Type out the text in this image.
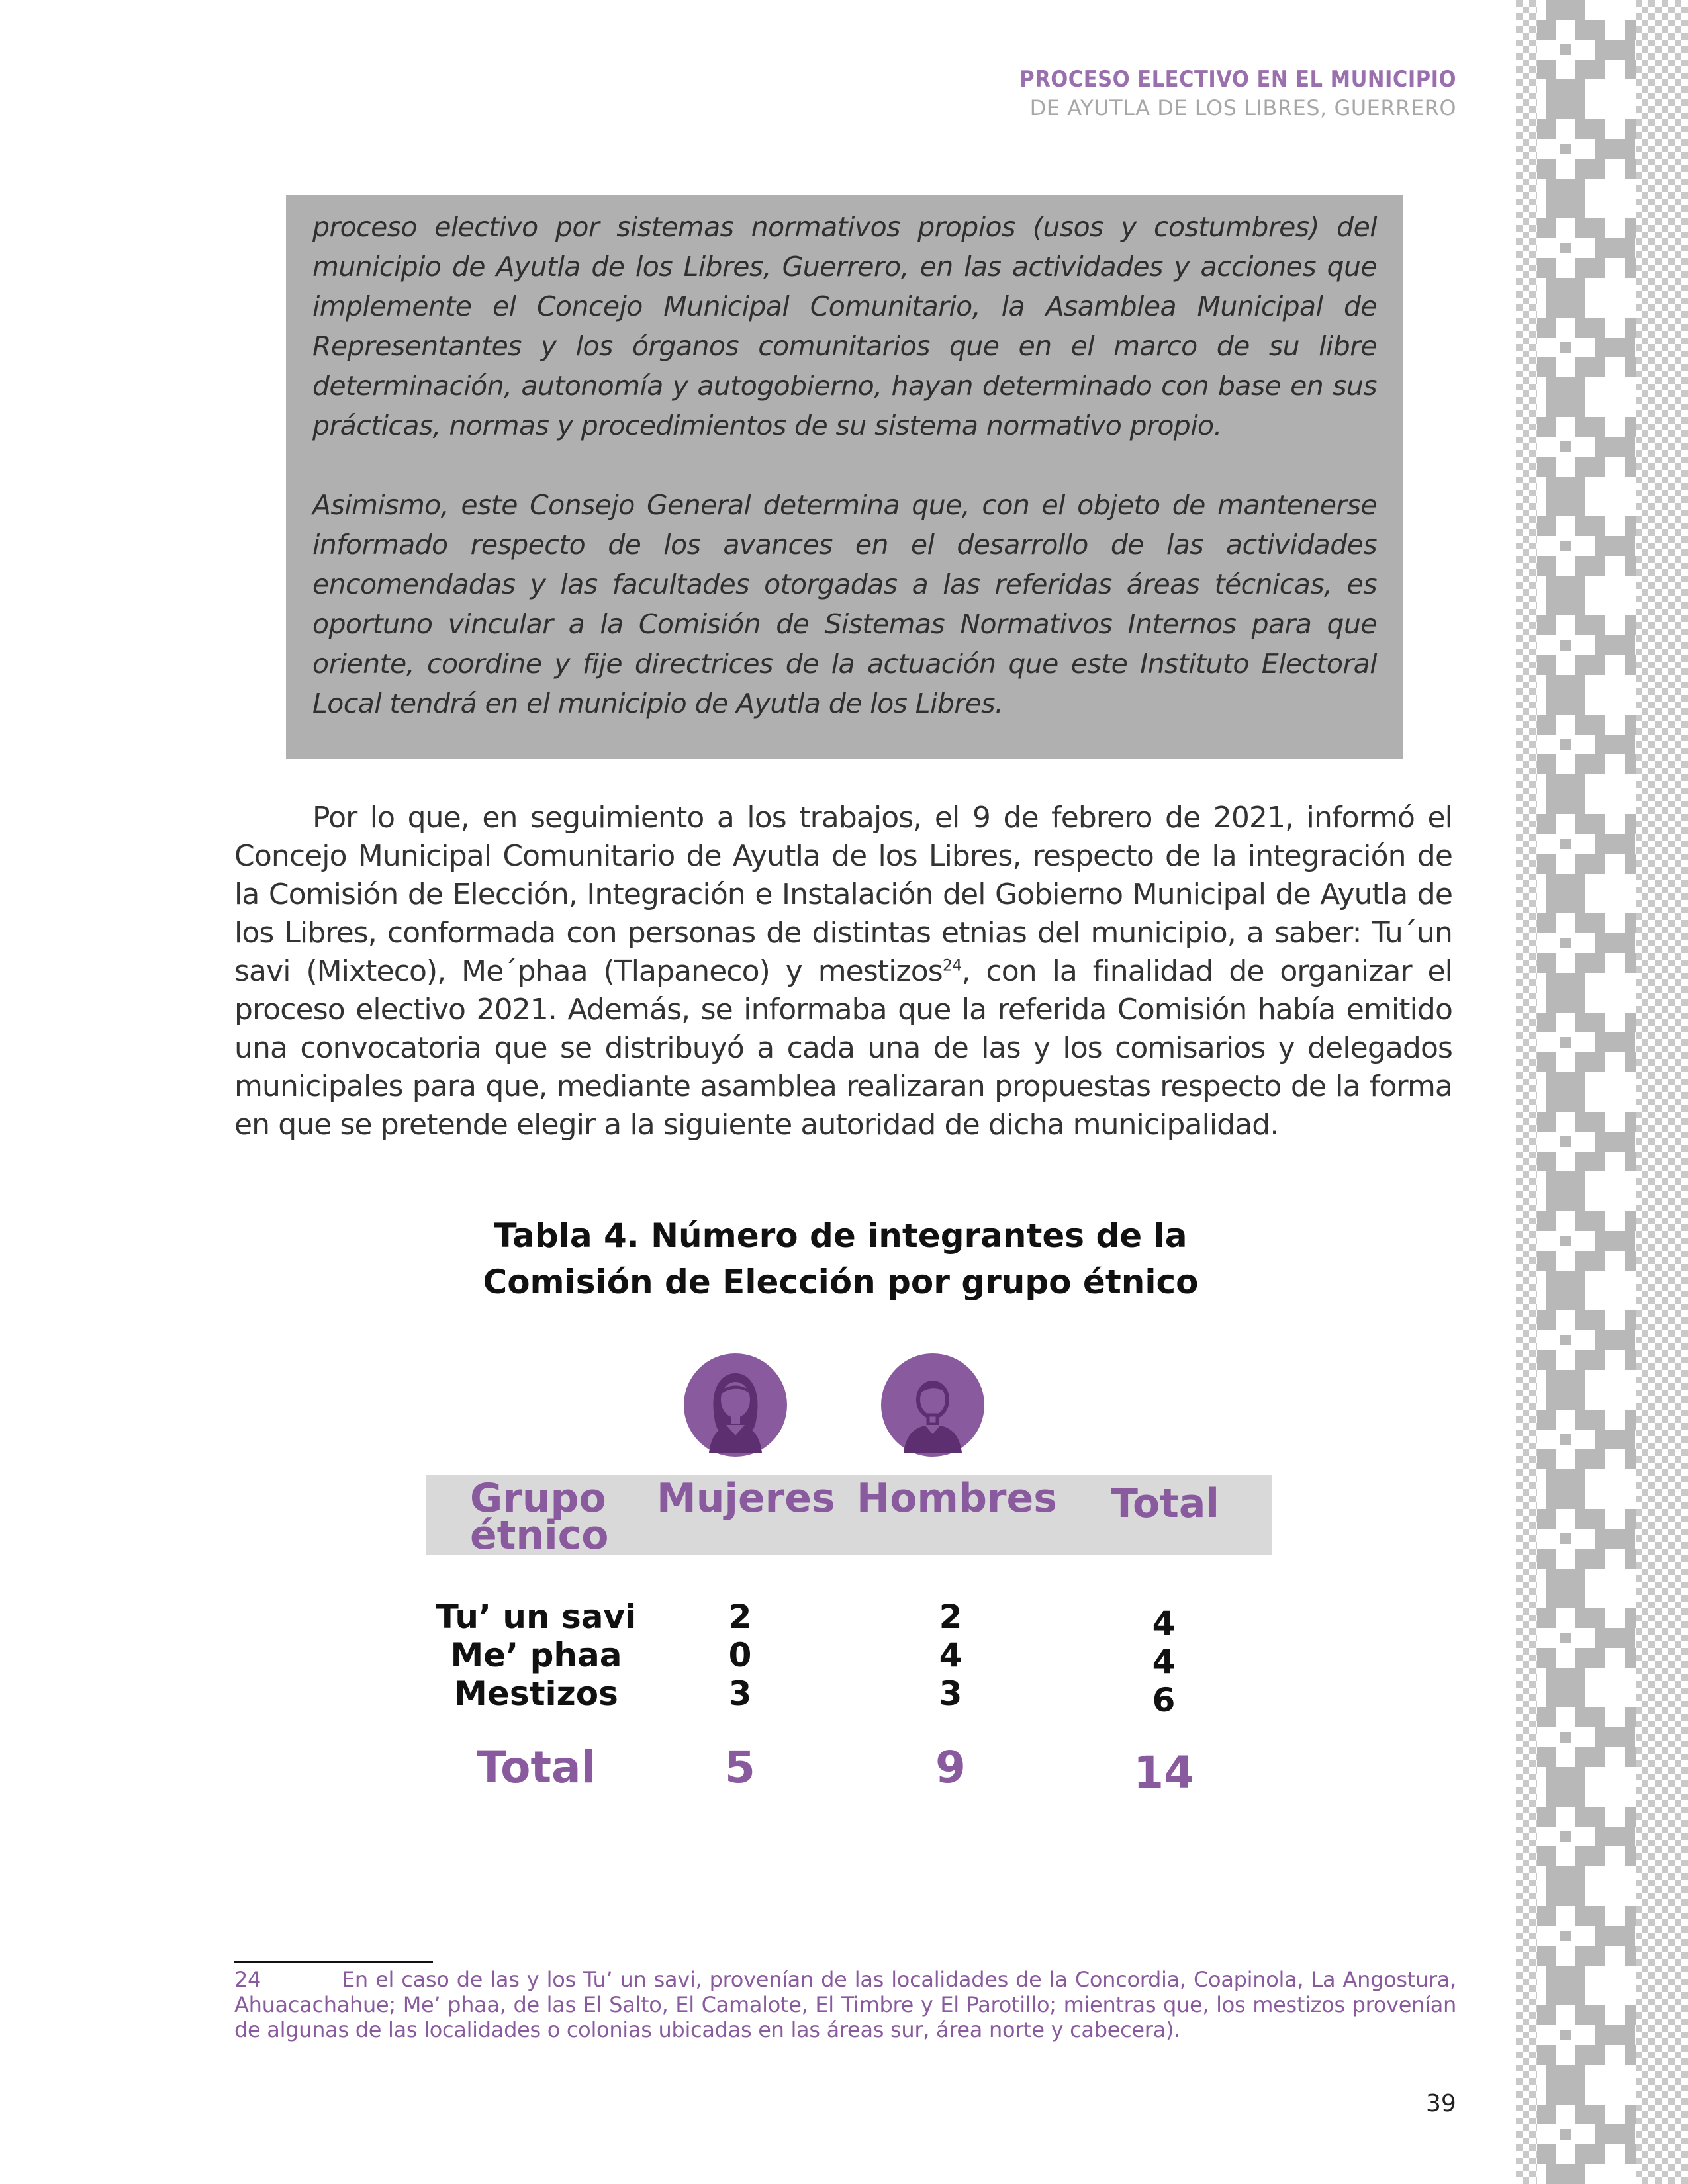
PROCESO ELECTIVO EN EL MUNICIPIO
DE AYUTLA DE LOS LIBRES, GUERRERO

proceso electivo por sistemas normativos propios (usos y costumbres) del municipio de Ayutla de los Libres, Guerrero, en las actividades y acciones que implemente el Concejo Municipal Comunitario, la Asamblea Municipal de Representantes y los órganos comunitarios que en el marco de su libre determinación, autonomía y autogobierno, hayan determinado con base en sus prácticas, normas y procedimientos de su sistema normativo propio.

Asimismo, este Consejo General determina que, con el objeto de mantenerse informado respecto de los avances en el desarrollo de las actividades encomendadas y las facultades otorgadas a las referidas áreas técnicas, es oportuno vincular a la Comisión de Sistemas Normativos Internos para que oriente, coordine y fije directrices de la actuación que este Instituto Electoral Local tendrá en el municipio de Ayutla de los Libres.

Por lo que, en seguimiento a los trabajos, el 9 de febrero de 2021, informó el Concejo Municipal Comunitario de Ayutla de los Libres, respecto de la integración de la Comisión de Elección, Integración e Instalación del Gobierno Municipal de Ayutla de los Libres, conformada con personas de distintas etnias del municipio, a saber: Tu´un savi (Mixteco), Me´phaa (Tlapaneco) y mestizos$^{24}$, con la finalidad de organizar el proceso electivo 2021. Además, se informaba que la referida Comisión había emitido una convocatoria que se distribuyó a cada una de las y los comisarios y delegados municipales para que, mediante asamblea realizaran propuestas respecto de la forma en que se pretende elegir a la siguiente autoridad de dicha municipalidad.

Tabla 4. Número de integrantes de la
Comisión de Elección por grupo étnico
Grupo
étnico
Mujeres Hombres Total
Tu’ un savi	2	2	4
Me’ phaa	0	4	4
Mestizos	3	3	6
Total	5	9	14

24	En el caso de las y los Tu’ un savi, provenían de las localidades de la Concordia, Coapinola, La Angostura, Ahuacachahue; Me’ phaa, de las El Salto, El Camalote, El Timbre y El Parotillo; mientras que, los mestizos provenían de algunas de las localidades o colonias ubicadas en las áreas sur, área norte y cabecera).

39
